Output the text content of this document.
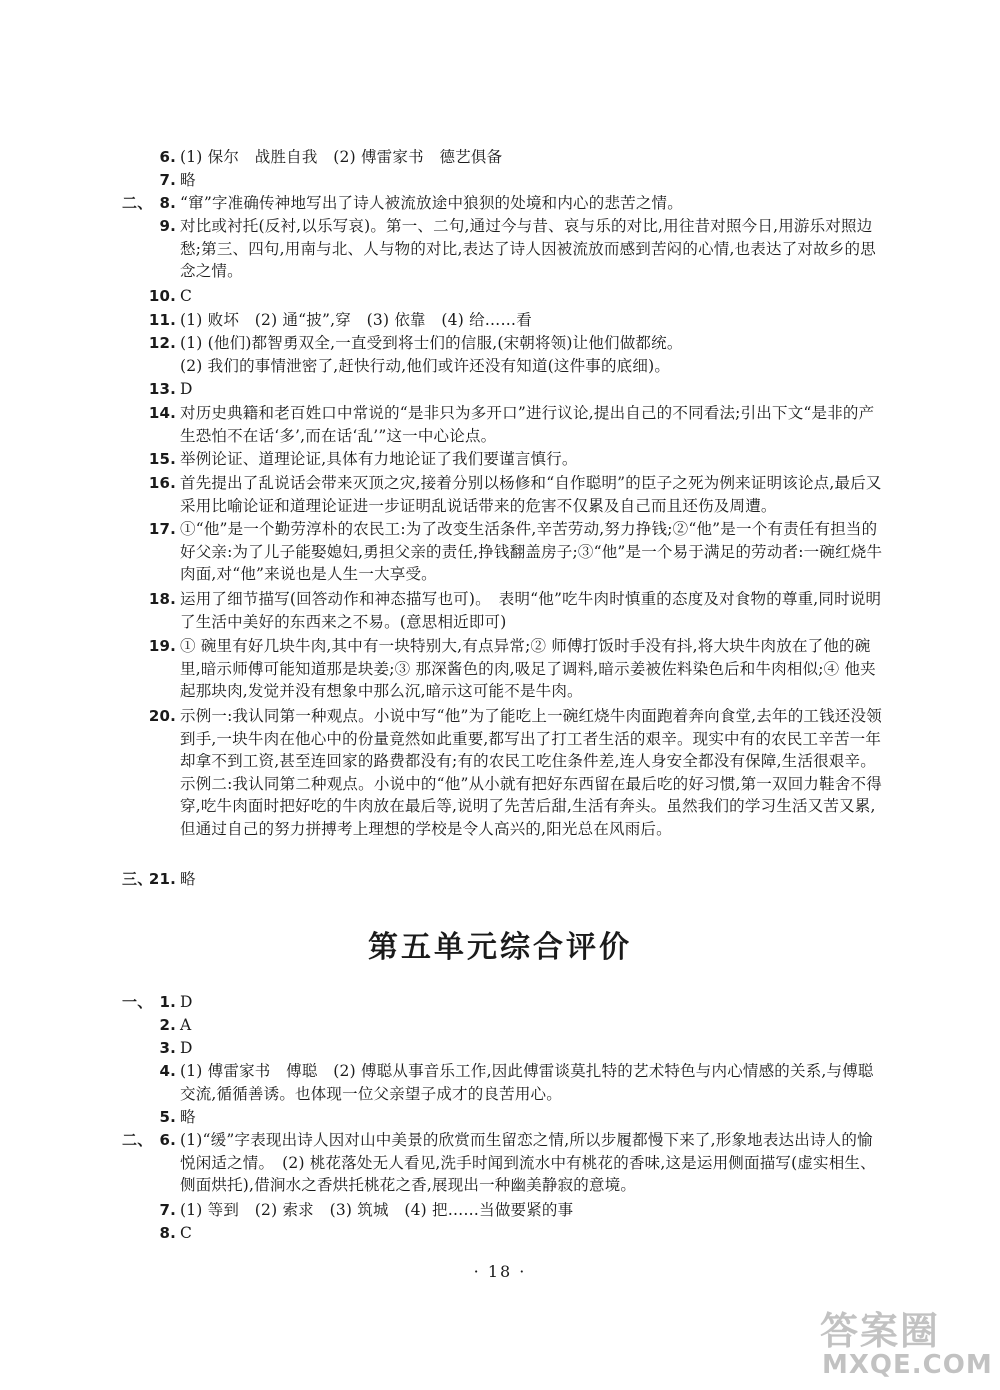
6. (1) 保尔　战胜自我　(2) 傅雷家书　德艺俱备
7. 略
二、 8. “窜”字准确传神地写出了诗人被流放途中狼狈的处境和内心的悲苦之情。
9. 对比或衬托(反衬,以乐写哀)。第一、二句,通过今与昔、哀与乐的对比,用往昔对照今日,用游乐对照边愁;第三、四句,用南与北、人与物的对比,表达了诗人因被流放而感到苦闷的心情,也表达了对故乡的思念之情。
10. C
11. (1) 败坏　(2) 通“披”,穿　(3) 依靠　(4) 给……看
12. (1) (他们)都智勇双全,一直受到将士们的信服,(宋朝将领)让他们做都统。
(2) 我们的事情泄密了,赶快行动,他们或许还没有知道(这件事的底细)。
13. D
14. 对历史典籍和老百姓口中常说的“是非只为多开口”进行议论,提出自己的不同看法;引出下文“是非的产生恐怕不在话‘多’,而在话‘乱’”这一中心论点。
15. 举例论证、道理论证,具体有力地论证了我们要谨言慎行。
16. 首先提出了乱说话会带来灭顶之灾,接着分别以杨修和“自作聪明”的臣子之死为例来证明该论点,最后又采用比喻论证和道理论证进一步证明乱说话带来的危害不仅累及自己而且还伤及周遭。
17. ①“他”是一个勤劳淳朴的农民工:为了改变生活条件,辛苦劳动,努力挣钱;②“他”是一个有责任有担当的好父亲:为了儿子能娶媳妇,勇担父亲的责任,挣钱翻盖房子;③“他”是一个易于满足的劳动者:一碗红烧牛肉面,对“他”来说也是人生一大享受。
18. 运用了细节描写(回答动作和神态描写也可)。　表明“他”吃牛肉时慎重的态度及对食物的尊重,同时说明了生活中美好的东西来之不易。(意思相近即可)
19. ① 碗里有好几块牛肉,其中有一块特别大,有点异常;② 师傅打饭时手没有抖,将大块牛肉放在了他的碗里,暗示师傅可能知道那是块姜;③ 那深酱色的肉,吸足了调料,暗示姜被佐料染色后和牛肉相似;④ 他夹起那块肉,发觉并没有想象中那么沉,暗示这可能不是牛肉。
20. 示例一:我认同第一种观点。小说中写“他”为了能吃上一碗红烧牛肉面跑着奔向食堂,去年的工钱还没领到手,一块牛肉在他心中的份量竟然如此重要,都写出了打工者生活的艰辛。现实中有的农民工辛苦一年却拿不到工资,甚至连回家的路费都没有;有的农民工吃住条件差,连人身安全都没有保障,生活很艰辛。　示例二:我认同第二种观点。小说中的“他”从小就有把好东西留在最后吃的好习惯,第一双回力鞋舍不得穿,吃牛肉面时把好吃的牛肉放在最后等,说明了先苦后甜,生活有奔头。虽然我们的学习生活又苦又累,但通过自己的努力拼搏考上理想的学校是令人高兴的,阳光总在风雨后。
三、
21. 略
第五单元综合评价
一、 1. D
2. A
3. D
4. (1) 傅雷家书　傅聪　(2) 傅聪从事音乐工作,因此傅雷谈莫扎特的艺术特色与内心情感的关系,与傅聪交流,循循善诱。也体现一位父亲望子成才的良苦用心。
5. 略
二、 6. (1)“缓”字表现出诗人因对山中美景的欣赏而生留恋之情,所以步履都慢下来了,形象地表达出诗人的愉悦闲适之情。　(2) 桃花落处无人看见,洗手时闻到流水中有桃花的香味,这是运用侧面描写(虚实相生、侧面烘托),借涧水之香烘托桃花之香,展现出一种幽美静寂的意境。
7. (1) 等到　(2) 索求　(3) 筑城　(4) 把……当做要紧的事
8. C
· 18 ·
答案圈
MXQE.COM
